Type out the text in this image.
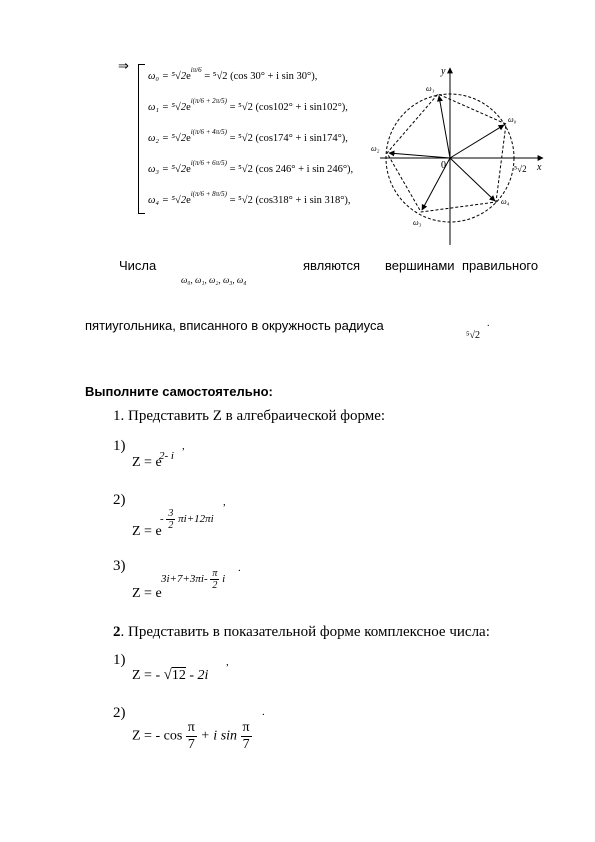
⇒
$\omega_0 = ^5√2e^{i\pi/6} = ^5√2$ (cos 30° + i sin 30°),
$\omega_1 = ^5√2e^{i(\pi/6 + 2\pi/5)} = ^5√2$ (cos102° + i sin102°),
$\omega_2 = ^5√2e^{i(\pi/6 + 4\pi/5)} = ^5√2$ (cos174° + i sin174°),
$\omega_3 = ^5√2e^{i(\pi/6 + 6\pi/5)} = ^5√2$ (cos 246° + i sin 246°),
$\omega_4 = ^5√2e^{i(\pi/6 + 8\pi/5)} = ^5√2$ (cos318° + i sin 318°),
y
x
0	⁵√2
ω₀
ω₁
ω₂
ω₃
ω₄
Числа
ω₀, ω₁, ω₂, ω₃, ω₄
являются вершинами правильного
пятиугольника, вписанного в окружность радиуса
⁵√2
.
Выполните самостоятельно:
1. Представить Z в алгебраической форме:
1)
Z = e
2- i
,
2)
Z = e
- $\frac{3}{2} \pi i+12\pi i$
,
3)
Z = e
$3i+7+3\pi i- \frac{\pi}{2}$ i
.
2. Представить в показательной форме комплексное числа:
1)
Z = - √12 - 2i
,
2)
Z = - $\cos \frac{\pi}{7} + i$ $\sin \frac{\pi}{7}$
.
